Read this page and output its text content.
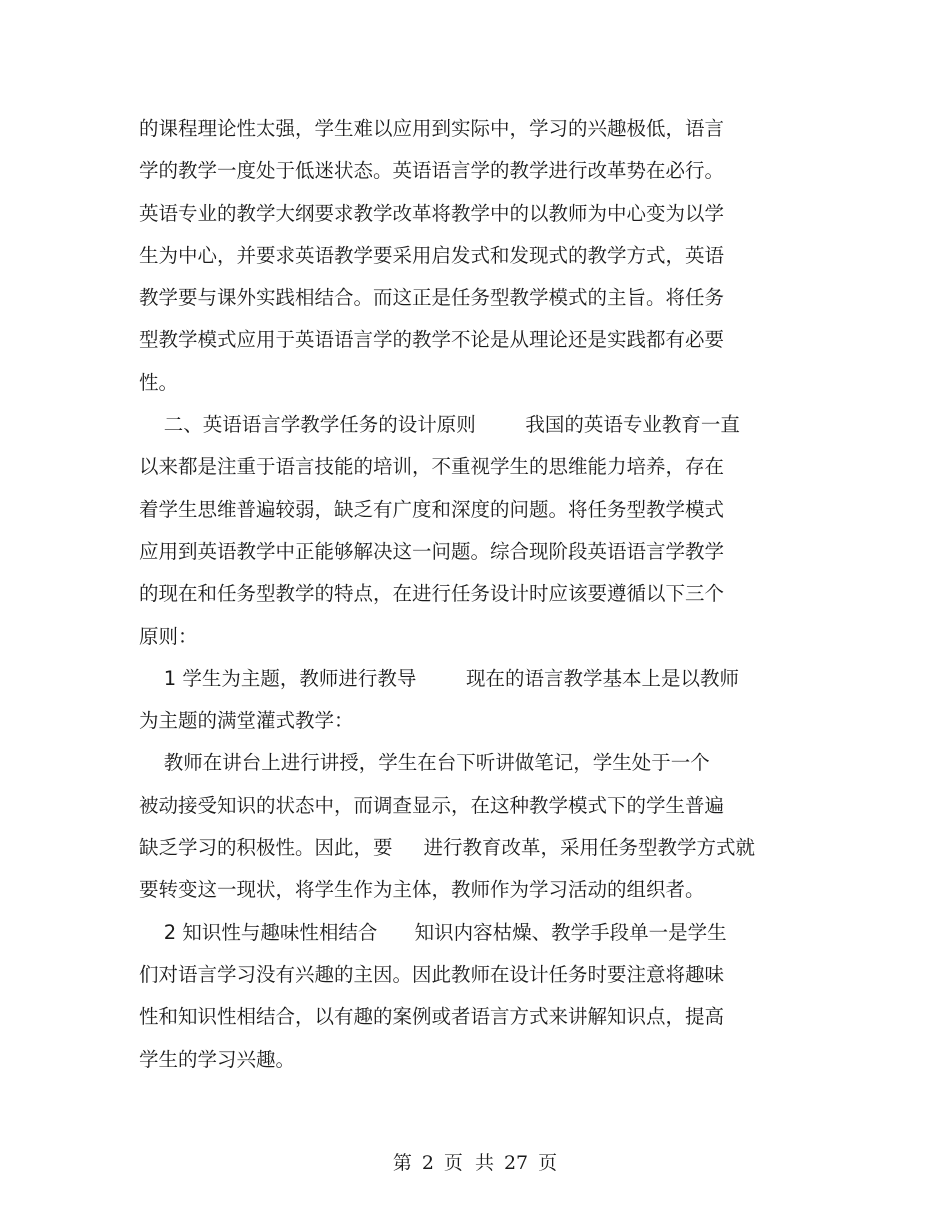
的课程理论性太强，学生难以应用到实际中，学习的兴趣极低，语言
学的教学一度处于低迷状态。英语语言学的教学进行改革势在必行。
英语专业的教学大纲要求教学改革将教学中的以教师为中心变为以学
生为中心，并要求英语教学要采用启发式和发现式的教学方式，英语
教学要与课外实践相结合。而这正是任务型教学模式的主旨。将任务
型教学模式应用于英语语言学的教学不论是从理论还是实践都有必要
性。
二、英语语言学教学任务的设计原则        我国的英语专业教育一直
以来都是注重于语言技能的培训，不重视学生的思维能力培养，存在
着学生思维普遍较弱，缺乏有广度和深度的问题。将任务型教学模式
应用到英语教学中正能够解决这一问题。综合现阶段英语语言学教学
的现在和任务型教学的特点，在进行任务设计时应该要遵循以下三个
原则：
1 学生为主题，教师进行教导        现在的语言教学基本上是以教师
为主题的满堂灌式教学：
教师在讲台上进行讲授，学生在台下听讲做笔记，学生处于一个
被动接受知识的状态中，而调查显示，在这种教学模式下的学生普遍
缺乏学习的积极性。因此，要     进行教育改革，采用任务型教学方式就
要转变这一现状，将学生作为主体，教师作为学习活动的组织者。
2 知识性与趣味性相结合      知识内容枯燥、教学手段单一是学生
们对语言学习没有兴趣的主因。因此教师在设计任务时要注意将趣味
性和知识性相结合，以有趣的案例或者语言方式来讲解知识点，提高
学生的学习兴趣。
第 2 页 共 27 页
